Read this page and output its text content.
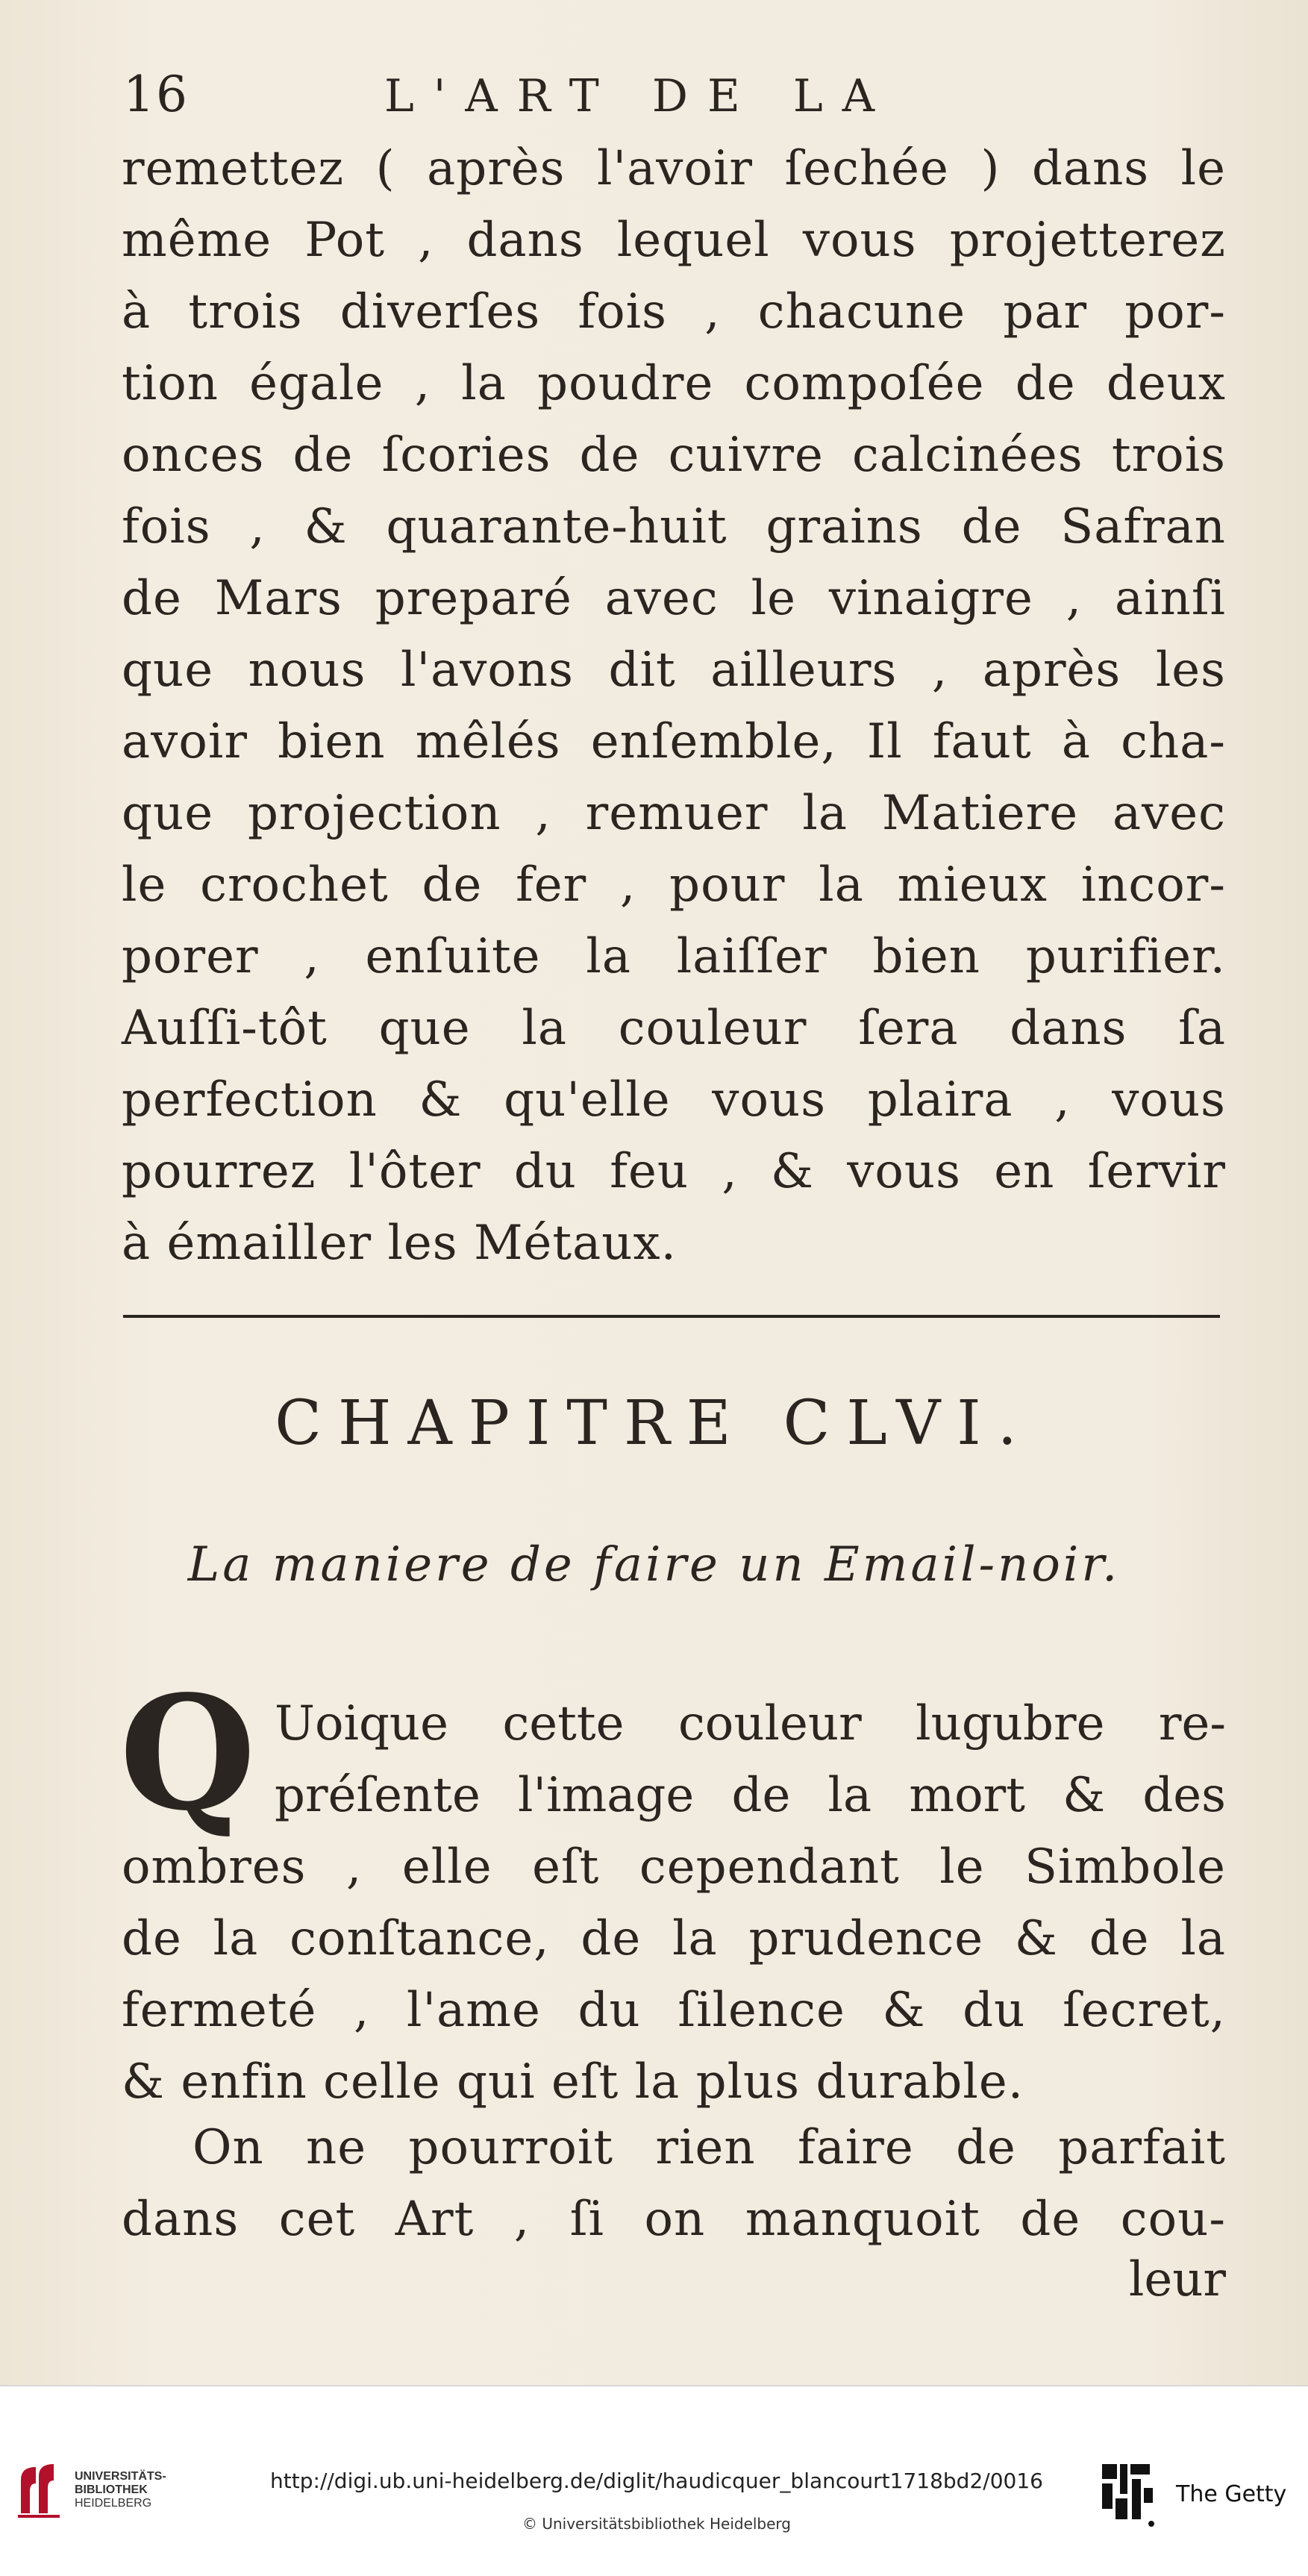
16	L'ART DE LA
remettez ( après l'avoir ſechée ) dans le
même Pot , dans lequel vous projetterez
à trois diverſes fois , chacune par por-
tion égale , la poudre compoſée de deux
onces de ſcories de cuivre calcinées trois
fois , & quarante-huit grains de Safran
de Mars preparé avec le vinaigre , ainſi
que nous l'avons dit ailleurs , après les
avoir bien mêlés enſemble, Il faut à cha-
que projection , remuer la Matiere avec
le crochet de fer , pour la mieux incor-
porer , enſuite la laiſſer bien purifier.
Auſſi-tôt que la couleur ſera dans ſa
perfection & qu'elle vous plaira , vous
pourrez l'ôter du feu , & vous en ſervir
à émailler les Métaux.
CHAPITRE CLVI.
La maniere de faire un Email-noir.
Q Uoique cette couleur lugubre re-
préſente l'image de la mort & des
ombres , elle eſt cependant le Simbole
de la conſtance, de la prudence & de la
fermeté , l'ame du ſilence & du ſecret,
& enfin celle qui eſt la plus durable.
On ne pourroit rien faire de parfait
dans cet Art , ſi on manquoit de cou-
leur
UNIVERSITÄTS-
BIBLIOTHEK
HEIDELBERG
http://digi.ub.uni-heidelberg.de/diglit/haudicquer_blancourt1718bd2/0016
© Universitätsbibliothek Heidelberg
The Getty
